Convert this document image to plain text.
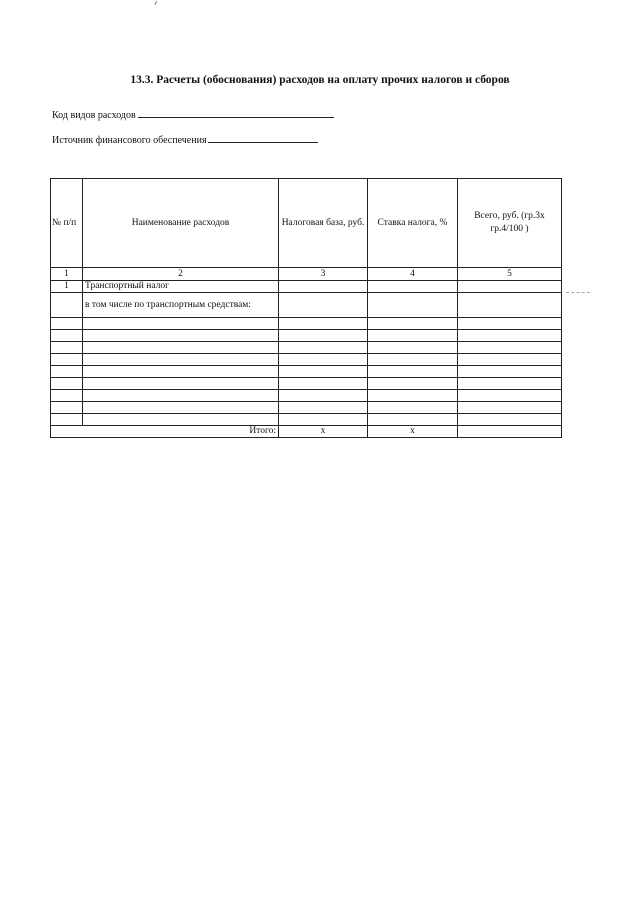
13.3. Расчеты (обоснования) расходов на оплату прочих налогов и сборов
Код видов расходов
Источник финансового обеспечения
№ п/п	Наименование расходов	Налоговая база, руб.	Ставка налога, %	Всего, руб. (гр.3х гр.4/100 )
1	2	3	4	5
1	Транспортный налог			
	в том числе по транспортным средствам:			

Итого:		x	x	
